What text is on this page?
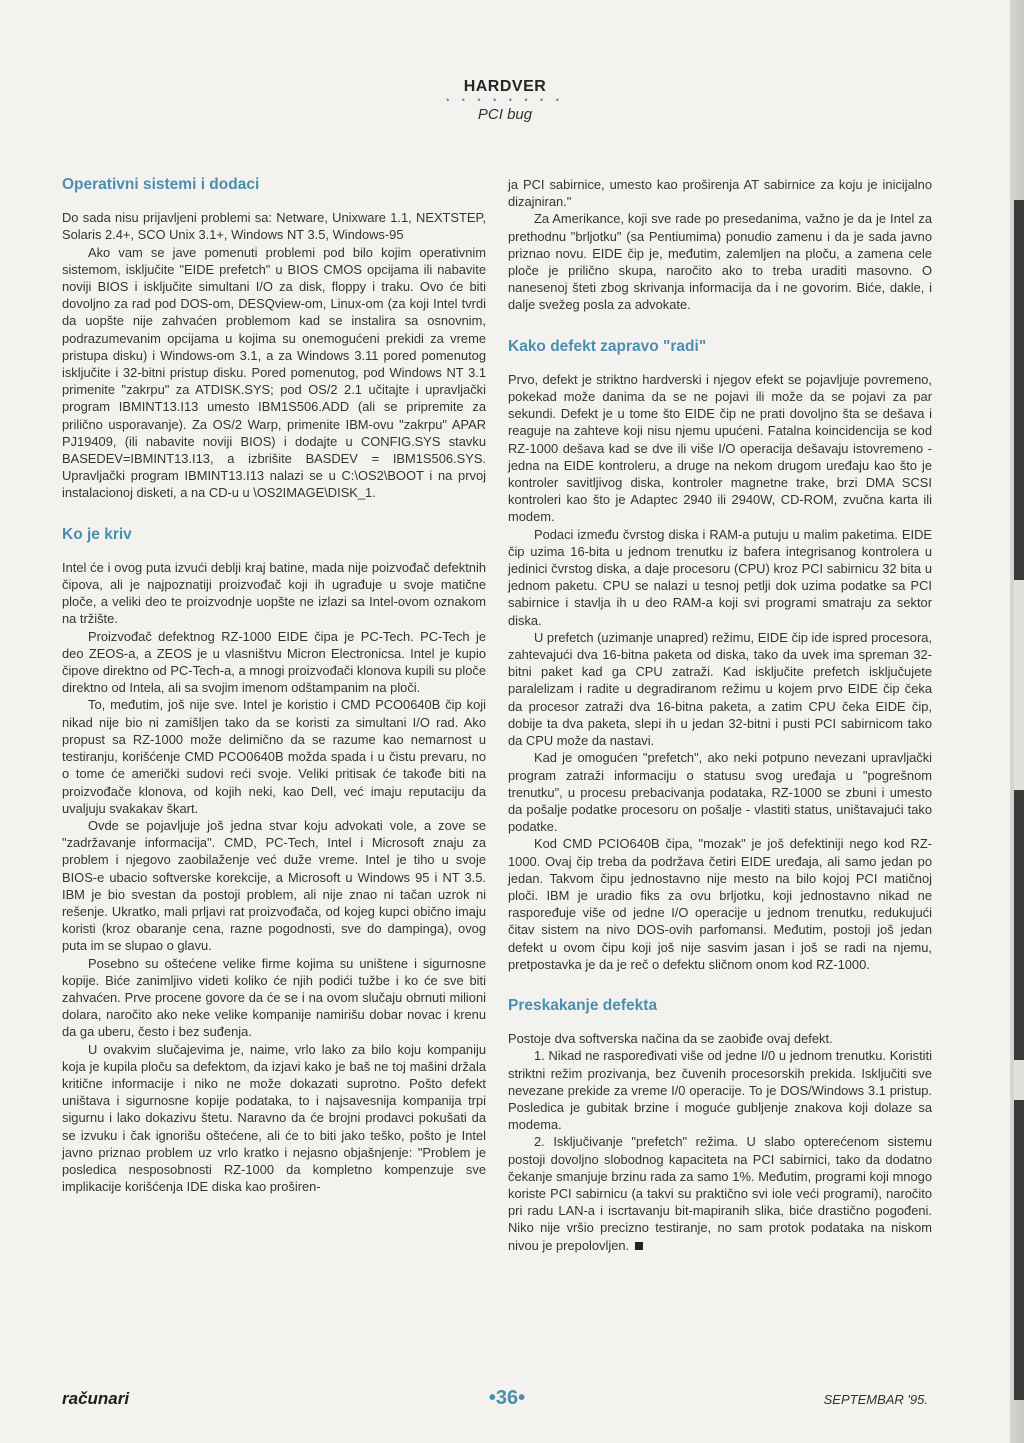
HARDVER
• • • • • • • •
PCI bug
Operativni sistemi i dodaci

Do sada nisu prijavljeni problemi sa: Netware, Unixware 1.1, NEXTSTEP, Solaris 2.4+, SCO Unix 3.1+, Windows NT 3.5, Windows-95

Ako vam se jave pomenuti problemi pod bilo kojim operativnim sistemom, isključite "EIDE prefetch" u BIOS CMOS opcijama ili nabavite noviji BIOS i isključite simultani I/O za disk, floppy i traku. Ovo će biti dovoljno za rad pod DOS-om, DESQview-om, Linux-om (za koji Intel tvrdi da uopšte nije zahvaćen problemom kad se instalira sa osnovnim, podrazumevanim opcijama u kojima su onemogućeni prekidi za vreme pristupa disku) i Windows-om 3.1, a za Windows 3.11 pored pomenutog isključite i 32-bitni pristup disku. Pored pomenutog, pod Windows NT 3.1 primenite "zakrpu" za ATDISK.SYS; pod OS/2 2.1 učitajte i upravljački program IBMINT13.I13 umesto IBM1S506.ADD (ali se pripremite za prilično usporavanje). Za OS/2 Warp, primenite IBM-ovu "zakrpu" APAR PJ19409, (ili nabavite noviji BIOS) i dodajte u CONFIG.SYS stavku BASEDEV=IBMINT13.I13, a izbrišite BASDEV = IBM1S506.SYS. Upravljački program IBMINT13.I13 nalazi se u C:\OS2\BOOT i na prvoj instalacionoj disketi, a na CD-u u \OS2IMAGE\DISK_1.

Ko je kriv

Intel će i ovog puta izvući deblji kraj batine, mada nije poizvođač defektnih čipova, ali je najpoznatiji proizvođač koji ih ugrađuje u svoje matične ploče, a veliki deo te proizvodnje uopšte ne izlazi sa Intel-ovom oznakom na tržište.

Proizvođač defektnog RZ-1000 EIDE čipa je PC-Tech. PC-Tech je deo ZEOS-a, a ZEOS je u vlasništvu Micron Electronicsa. Intel je kupio čipove direktno od PC-Tech-a, a mnogi proizvođači klonova kupili su ploče direktno od Intela, ali sa svojim imenom odštampanim na ploči.

To, međutim, još nije sve. Intel je koristio i CMD PCO0640B čip koji nikad nije bio ni zamišljen tako da se koristi za simultani I/O rad. Ako propust sa RZ-1000 može delimično da se razume kao nemarnost u testiranju, korišćenje CMD PCO0640B možda spada i u čistu prevaru, no o tome će američki sudovi reći svoje. Veliki pritisak će takođe biti na proizvođače klonova, od kojih neki, kao Dell, već imaju reputaciju da uvaljuju svakakav škart.

Ovde se pojavljuje još jedna stvar koju advokati vole, a zove se "zadržavanje informacija". CMD, PC-Tech, Intel i Microsoft znaju za problem i njegovo zaobilaženje već duže vreme. Intel je tiho u svoje BIOS-e ubacio softverske korekcije, a Microsoft u Windows 95 i NT 3.5. IBM je bio svestan da postoji problem, ali nije znao ni tačan uzrok ni rešenje. Ukratko, mali prljavi rat proizvođača, od kojeg kupci obično imaju koristi (kroz obaranje cena, razne pogodnosti, sve do dampinga), ovog puta im se slupao o glavu.

Posebno su oštećene velike firme kojima su uništene i sigurnosne kopije. Biće zanimljivo videti koliko će njih podići tužbe i ko će sve biti zahvaćen. Prve procene govore da će se i na ovom slučaju obrnuti milioni dolara, naročito ako neke velike kompanije namirišu dobar novac i krenu da ga uberu, često i bez suđenja.

U ovakvim slučajevima je, naime, vrlo lako za bilo koju kompaniju koja je kupila ploču sa defektom, da izjavi kako je baš ne toj mašini držala kritične informacije i niko ne može dokazati suprotno. Pošto defekt uništava i sigurnosne kopije podataka, to i najsavesnija kompanija trpi sigurnu i lako dokazivu štetu. Naravno da će brojni prodavci pokušati da se izvuku i čak ignorišu oštećene, ali će to biti jako teško, pošto je Intel javno priznao problem uz vrlo kratko i nejasno objašnjenje: "Problem je posledica nesposobnosti RZ-1000 da kompletno kompenzuje sve implikacije korišćenja IDE diska kao proširen-

ja PCI sabirnice, umesto kao proširenja AT sabirnice za koju je inicijalno dizajniran."

Za Amerikance, koji sve rade po presedanima, važno je da je Intel za prethodnu "brljotku" (sa Pentiumima) ponudio zamenu i da je sada javno priznao novu. EIDE čip je, međutim, zalemljen na ploču, a zamena cele ploče je prilično skupa, naročito ako to treba uraditi masovno. O nanesenoj šteti zbog skrivanja informacija da i ne govorim. Biće, dakle, i dalje svežeg posla za advokate.

Kako defekt zapravo "radi"

Prvo, defekt je striktno hardverski i njegov efekt se pojavljuje povremeno, pokekad može danima da se ne pojavi ili može da se pojavi za par sekundi. Defekt je u tome što EIDE čip ne prati dovoljno šta se dešava i reaguje na zahteve koji nisu njemu upućeni. Fatalna koincidencija se kod RZ-1000 dešava kad se dve ili više I/O operacija dešavaju istovremeno - jedna na EIDE kontroleru, a druge na nekom drugom uređaju kao što je kontroler savitljivog diska, kontroler magnetne trake, brzi DMA SCSI kontroleri kao što je Adaptec 2940 ili 2940W, CD-ROM, zvučna karta ili modem.

Podaci između čvrstog diska i RAM-a putuju u malim paketima. EIDE čip uzima 16-bita u jednom trenutku iz bafera integrisanog kontrolera u jedinici čvrstog diska, a daje procesoru (CPU) kroz PCI sabirnicu 32 bita u jednom paketu. CPU se nalazi u tesnoj petlji dok uzima podatke sa PCI sabirnice i stavlja ih u deo RAM-a koji svi programi smatraju za sektor diska.

U prefetch (uzimanje unapred) režimu, EIDE čip ide ispred procesora, zahtevajući dva 16-bitna paketa od diska, tako da uvek ima spreman 32-bitni paket kad ga CPU zatraži. Kad isključite prefetch isključujete paralelizam i radite u degradiranom režimu u kojem prvo EIDE čip čeka da procesor zatraži dva 16-bitna paketa, a zatim CPU čeka EIDE čip, dobije ta dva paketa, slepi ih u jedan 32-bitni i pusti PCI sabirnicom tako da CPU može da nastavi.

Kad je omogućen "prefetch", ako neki potpuno nevezani upravljački program zatraži informaciju o statusu svog uređaja u "pogrešnom trenutku", u procesu prebacivanja podataka, RZ-1000 se zbuni i umesto da pošalje podatke procesoru on pošalje - vlastiti status, uništavajući tako podatke.

Kod CMD PCIO640B čipa, "mozak" je još defektiniji nego kod RZ-1000. Ovaj čip treba da podržava četiri EIDE uređaja, ali samo jedan po jedan. Takvom čipu jednostavno nije mesto na bilo kojoj PCI matičnoj ploči. IBM je uradio fiks za ovu brljotku, koji jednostavno nikad ne raspoređuje više od jedne I/O operacije u jednom trenutku, redukujući čitav sistem na nivo DOS-ovih parfomansi. Međutim, postoji još jedan defekt u ovom čipu koji još nije sasvim jasan i još se radi na njemu, pretpostavka je da je reč o defektu sličnom onom kod RZ-1000.

Preskakanje defekta

Postoje dva softverska načina da se zaobiđe ovaj defekt.

1. Nikad ne raspoređivati više od jedne I/0 u jednom trenutku. Koristiti striktni režim prozivanja, bez čuvenih procesorskih prekida. Isključiti sve nevezane prekide za vreme I/0 operacije. To je DOS/Windows 3.1 pristup. Posledica je gubitak brzine i moguće gubljenje znakova koji dolaze sa modema.

2. Isključivanje "prefetch" režima. U slabo opterećenom sistemu postoji dovoljno slobodnog kapaciteta na PCI sabirnici, tako da dodatno čekanje smanjuje brzinu rada za samo 1%. Međutim, programi koji mnogo koriste PCI sabirnicu (a takvi su praktično svi iole veći programi), naročito pri radu LAN-a i iscrtavanju bit-mapiranih slika, biće drastično pogođeni. Niko nije vršio precizno testiranje, no sam protok podataka na niskom nivou je prepolovljen.

računari	•36•	SEPTEMBAR '95.
